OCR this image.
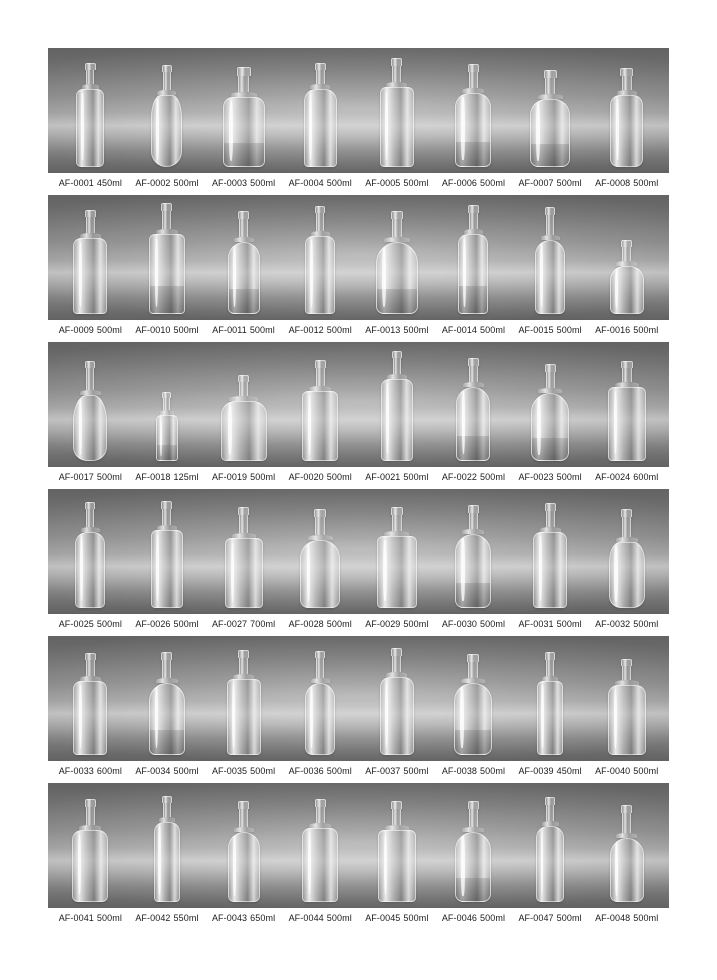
AF-0001 450ml	AF-0002 500ml	AF-0003 500ml	AF-0004 500ml	AF-0005 500ml	AF-0006 500ml	AF-0007 500ml	AF-0008 500ml
AF-0009 500ml	AF-0010 500ml	AF-0011 500ml	AF-0012 500ml	AF-0013 500ml	AF-0014 500ml	AF-0015 500ml	AF-0016 500ml
AF-0017 500ml	AF-0018 125ml	AF-0019 500ml	AF-0020 500ml	AF-0021 500ml	AF-0022 500ml	AF-0023 500ml	AF-0024 600ml
AF-0025 500ml	AF-0026 500ml	AF-0027 700ml	AF-0028 500ml	AF-0029 500ml	AF-0030 500ml	AF-0031 500ml	AF-0032 500ml
AF-0033 600ml	AF-0034 500ml	AF-0035 500ml	AF-0036 500ml	AF-0037 500ml	AF-0038 500ml	AF-0039 450ml	AF-0040 500ml
AF-0041 500ml	AF-0042 550ml	AF-0043 650ml	AF-0044 500ml	AF-0045 500ml	AF-0046 500ml	AF-0047 500ml	AF-0048 500ml
